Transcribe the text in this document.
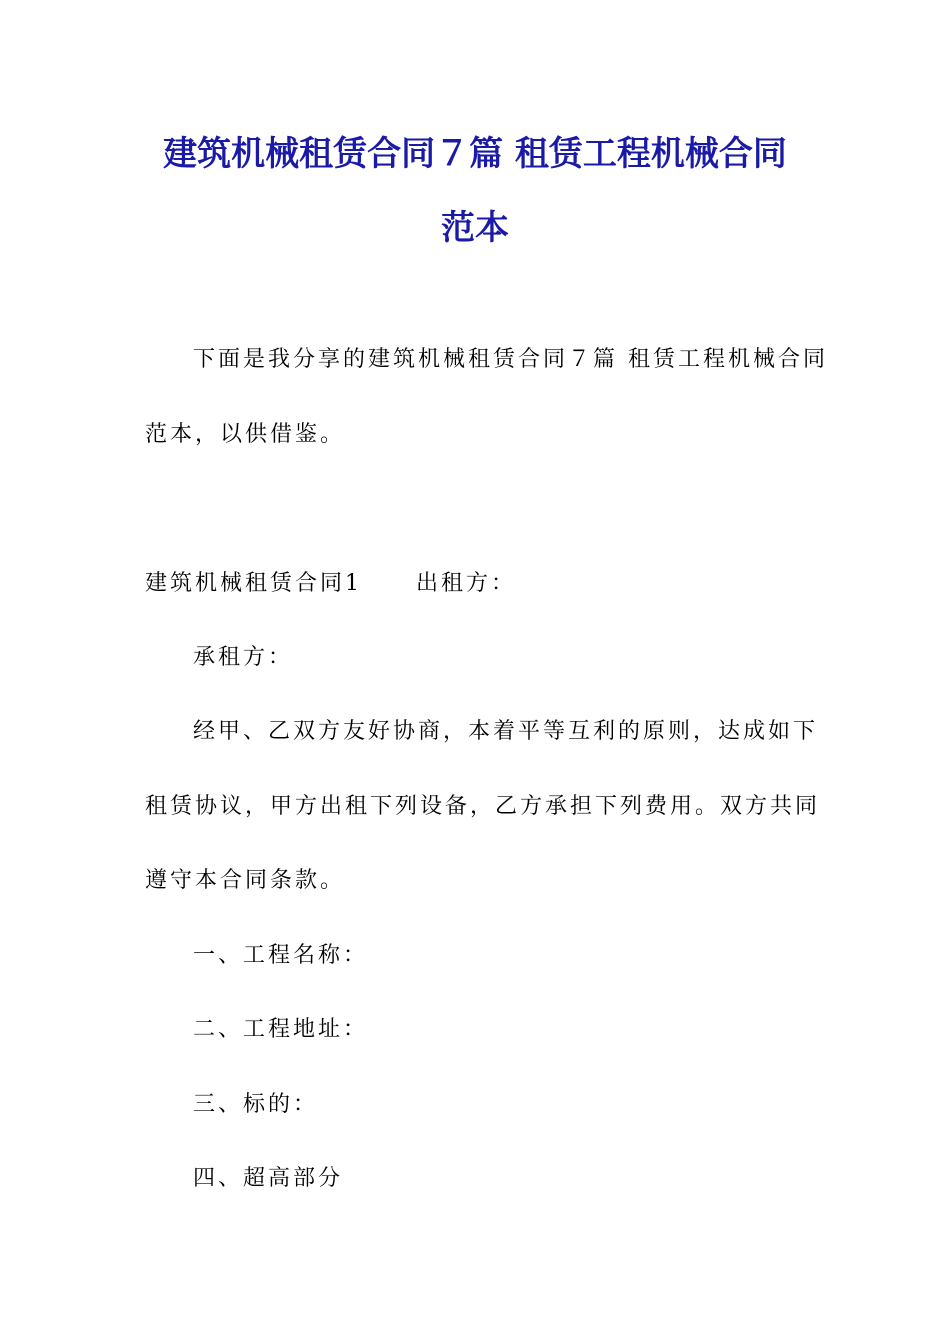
建筑机械租赁合同７篇 租赁工程机械合同
范本
下面是我分享的建筑机械租赁合同７篇 租赁工程机械合同
范本，以供借鉴。
建筑机械租赁合同1 出租方：
承租方：
经甲、乙双方友好协商，本着平等互利的原则，达成如下
租赁协议，甲方出租下列设备，乙方承担下列费用。双方共同
遵守本合同条款。
一、工程名称：
二、工程地址：
三、标的：
四、超高部分
